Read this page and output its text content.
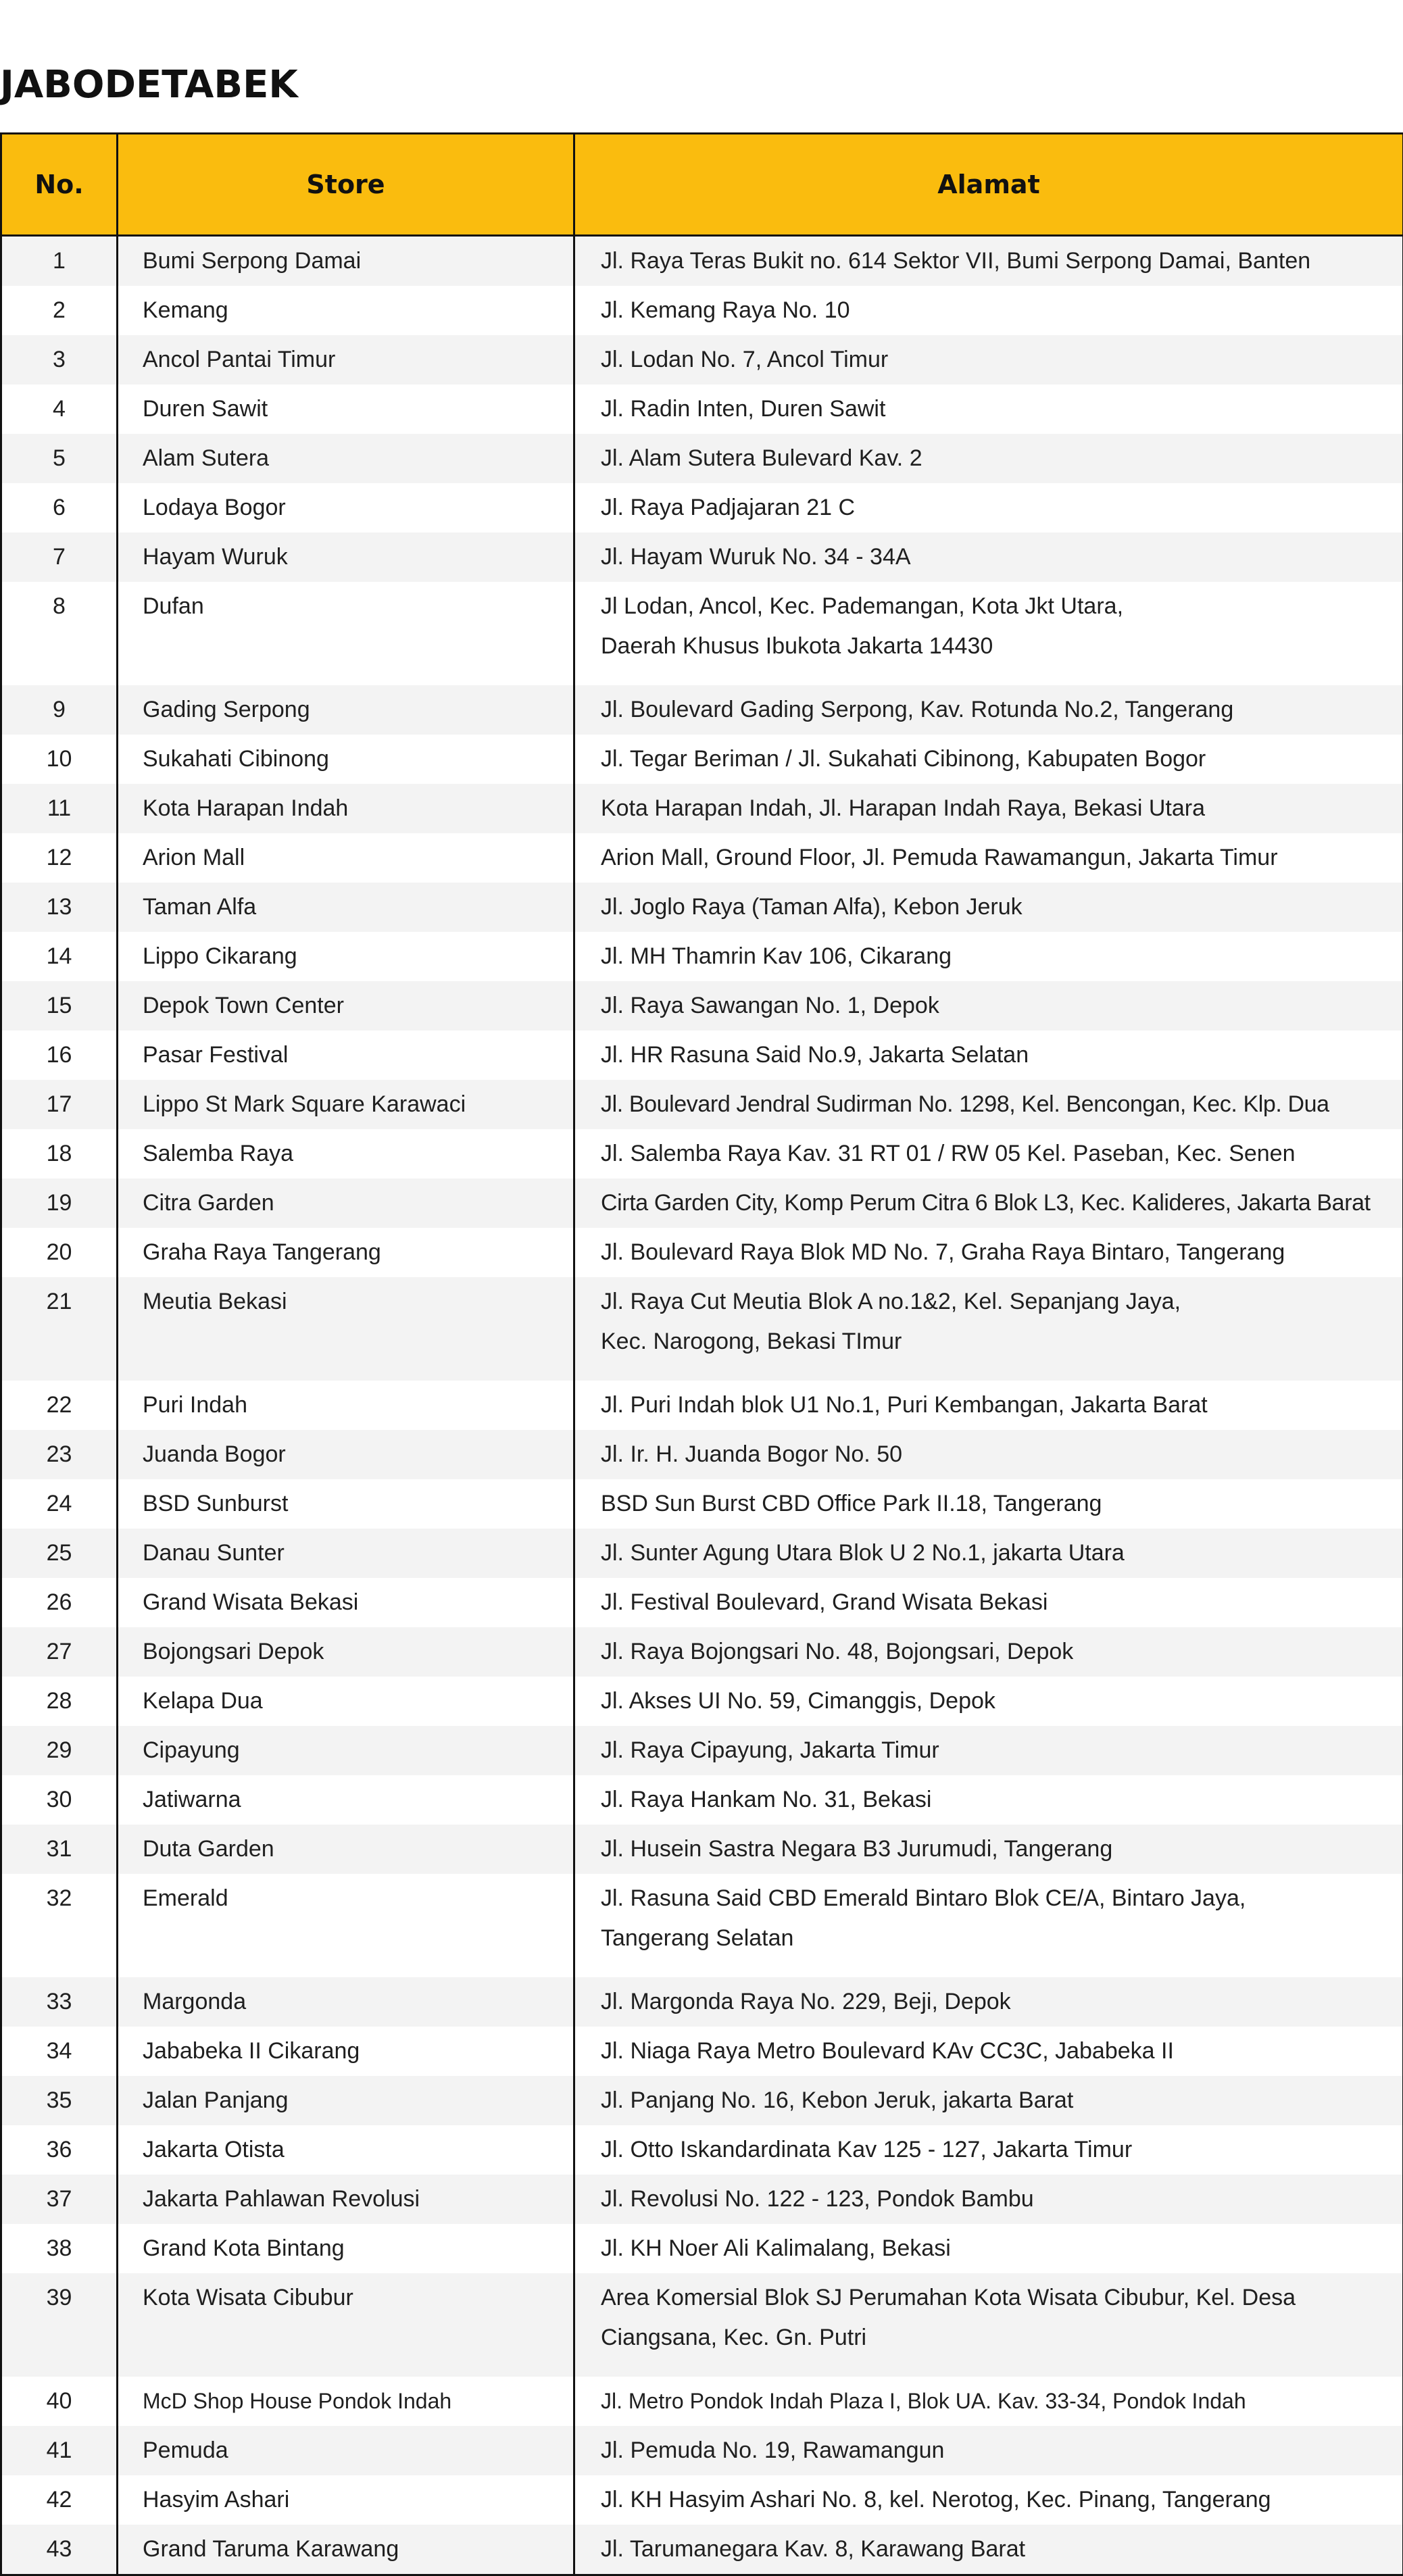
JABODETABEK
No.	Store	Alamat
1	Bumi Serpong Damai	Jl. Raya Teras Bukit no. 614 Sektor VII, Bumi Serpong Damai, Banten

2	Kemang	Jl. Kemang Raya No. 10

3	Ancol Pantai Timur	Jl. Lodan No. 7, Ancol Timur

4	Duren Sawit	Jl. Radin Inten, Duren Sawit

5	Alam Sutera	Jl. Alam Sutera Bulevard Kav. 2

6	Lodaya Bogor	Jl. Raya Padjajaran 21 C

7	Hayam Wuruk	Jl. Hayam Wuruk No. 34 - 34A

8	Dufan	Jl Lodan, Ancol, Kec. Pademangan, Kota Jkt Utara,
Daerah Khusus Ibukota Jakarta 14430

9	Gading Serpong	Jl. Boulevard Gading Serpong, Kav. Rotunda No.2, Tangerang

10	Sukahati Cibinong	Jl. Tegar Beriman / Jl. Sukahati Cibinong, Kabupaten Bogor

11	Kota Harapan Indah	Kota Harapan Indah, Jl. Harapan Indah Raya, Bekasi Utara

12	Arion Mall	Arion Mall, Ground Floor, Jl. Pemuda Rawamangun, Jakarta Timur

13	Taman Alfa	Jl. Joglo Raya (Taman Alfa), Kebon Jeruk

14	Lippo Cikarang	Jl. MH Thamrin Kav 106, Cikarang

15	Depok Town Center	Jl. Raya Sawangan No. 1, Depok

16	Pasar Festival	Jl. HR Rasuna Said No.9, Jakarta Selatan

17	Lippo St Mark Square Karawaci	Jl. Boulevard Jendral Sudirman No. 1298, Kel. Bencongan, Kec. Klp. Dua

18	Salemba Raya	Jl. Salemba Raya Kav. 31 RT 01 / RW 05 Kel. Paseban, Kec. Senen

19	Citra Garden	Cirta Garden City, Komp Perum Citra 6 Blok L3, Kec. Kalideres, Jakarta Barat

20	Graha Raya Tangerang	Jl. Boulevard Raya Blok MD No. 7, Graha Raya Bintaro, Tangerang

21	Meutia Bekasi	Jl. Raya Cut Meutia Blok A no.1&2, Kel. Sepanjang Jaya,
Kec. Narogong, Bekasi TImur

22	Puri Indah	Jl. Puri Indah blok U1 No.1, Puri Kembangan, Jakarta Barat

23	Juanda Bogor	Jl. Ir. H. Juanda Bogor No. 50

24	BSD Sunburst	BSD Sun Burst CBD Office Park II.18, Tangerang

25	Danau Sunter	Jl. Sunter Agung Utara Blok U 2 No.1, jakarta Utara

26	Grand Wisata Bekasi	Jl. Festival Boulevard, Grand Wisata Bekasi

27	Bojongsari Depok	Jl. Raya Bojongsari No. 48, Bojongsari, Depok

28	Kelapa Dua	Jl. Akses UI No. 59, Cimanggis, Depok

29	Cipayung	Jl. Raya Cipayung, Jakarta Timur

30	Jatiwarna	Jl. Raya Hankam No. 31, Bekasi

31	Duta Garden	Jl. Husein Sastra Negara B3 Jurumudi, Tangerang

32	Emerald	Jl. Rasuna Said CBD Emerald Bintaro Blok CE/A, Bintaro Jaya,
Tangerang Selatan

33	Margonda	Jl. Margonda Raya No. 229, Beji, Depok

34	Jababeka II Cikarang	Jl. Niaga Raya Metro Boulevard KAv CC3C, Jababeka II

35	Jalan Panjang	Jl. Panjang No. 16, Kebon Jeruk, jakarta Barat

36	Jakarta Otista	Jl. Otto Iskandardinata Kav 125 - 127, Jakarta Timur

37	Jakarta Pahlawan Revolusi	Jl. Revolusi No. 122 - 123, Pondok Bambu

38	Grand Kota Bintang	Jl. KH Noer Ali Kalimalang, Bekasi

39	Kota Wisata Cibubur	Area Komersial Blok SJ Perumahan Kota Wisata Cibubur, Kel. Desa
Ciangsana, Kec. Gn. Putri

40	McD Shop House Pondok Indah	Jl. Metro Pondok Indah Plaza I, Blok UA. Kav. 33-34, Pondok Indah

41	Pemuda	Jl. Pemuda No. 19, Rawamangun

42	Hasyim Ashari	Jl. KH Hasyim Ashari No. 8, kel. Nerotog, Kec. Pinang, Tangerang

43	Grand Taruma Karawang	Jl. Tarumanegara Kav. 8, Karawang Barat
